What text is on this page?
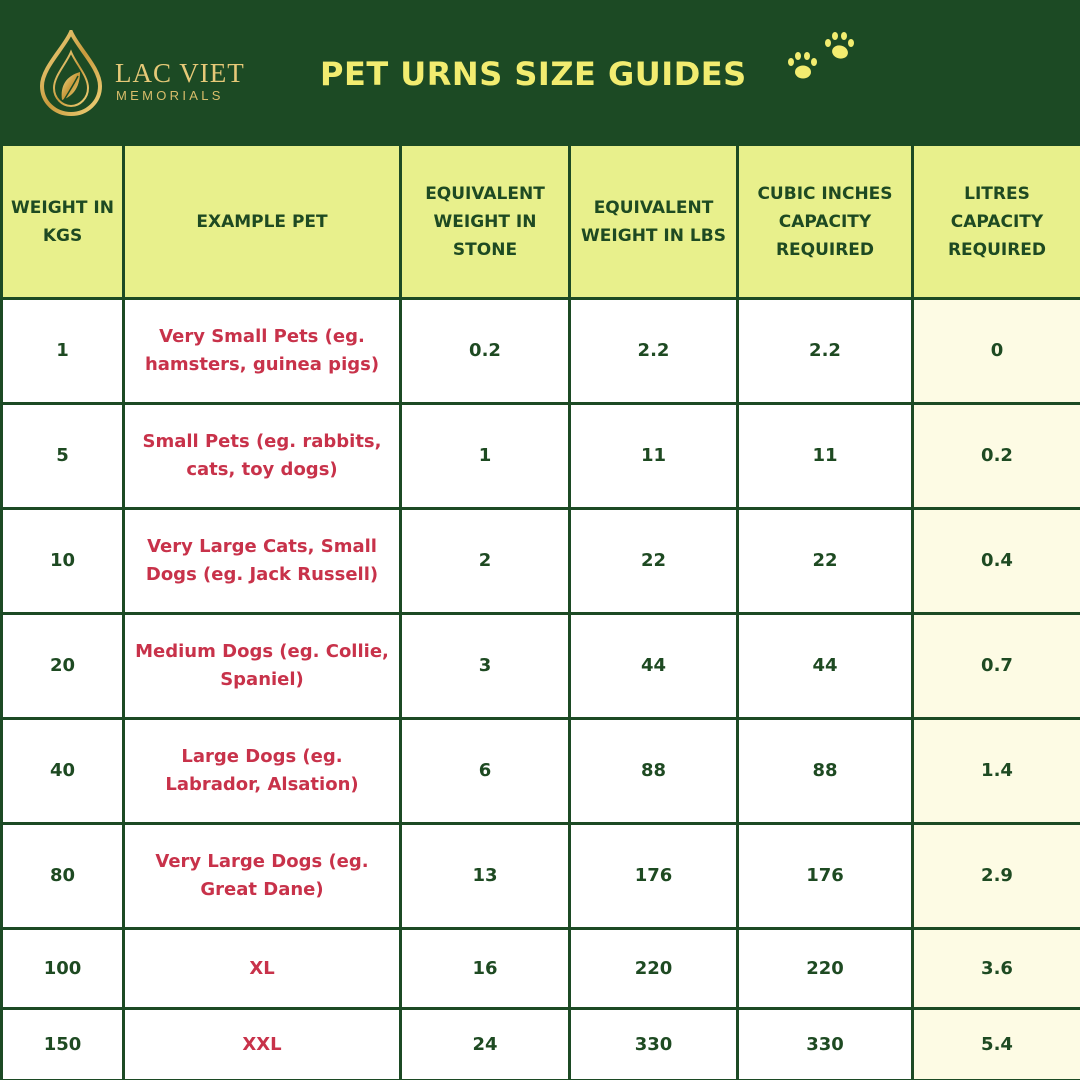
LAC VIET
MEMORIALS
PET URNS SIZE GUIDES
WEIGHT IN KGS	EXAMPLE PET	EQUIVALENT WEIGHT IN STONE	EQUIVALENT WEIGHT IN LBS	CUBIC INCHES CAPACITY REQUIRED	LITRES CAPACITY REQUIRED
1	Very Small Pets (eg. hamsters, guinea pigs)	0.2	2.2	2.2	0
5	Small Pets (eg. rabbits, cats, toy dogs)	1	11	11	0.2
10	Very Large Cats, Small Dogs (eg. Jack Russell)	2	22	22	0.4
20	Medium Dogs (eg. Collie, Spaniel)	3	44	44	0.7
40	Large Dogs (eg. Labrador, Alsation)	6	88	88	1.4
80	Very Large Dogs (eg. Great Dane)	13	176	176	2.9
100	XL	16	220	220	3.6
150	XXL	24	330	330	5.4
